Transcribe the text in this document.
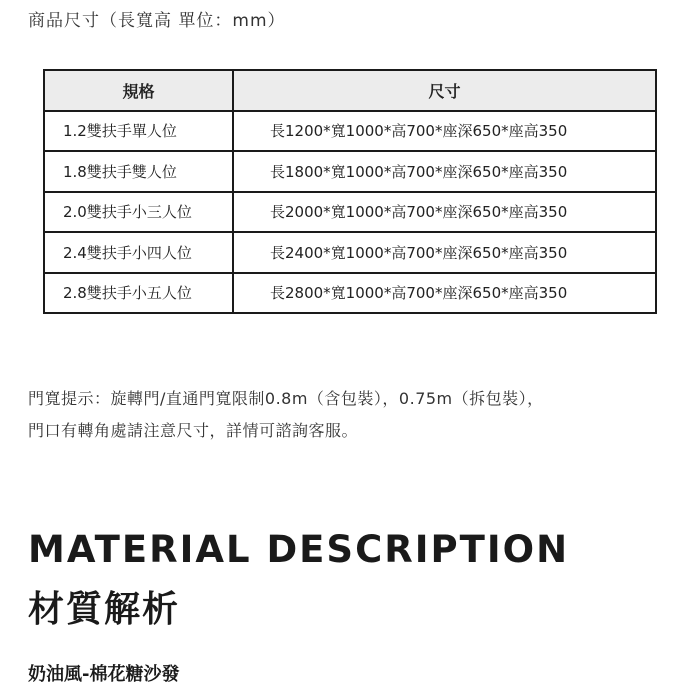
商品尺寸（長寬高 單位：mm）
規格	尺寸
1.2雙扶手單人位	長1200*寬1000*高700*座深650*座高350
1.8雙扶手雙人位	長1800*寬1000*高700*座深650*座高350
2.0雙扶手小三人位	長2000*寬1000*高700*座深650*座高350
2.4雙扶手小四人位	長2400*寬1000*高700*座深650*座高350
2.8雙扶手小五人位	長2800*寬1000*高700*座深650*座高350
門寬提示：旋轉門/直通門寬限制0.8m（含包裝），0.75m（拆包裝），
門口有轉角處請注意尺寸，詳情可諮詢客服。
MATERIAL DESCRIPTION
材質解析
奶油風-棉花糖沙發
